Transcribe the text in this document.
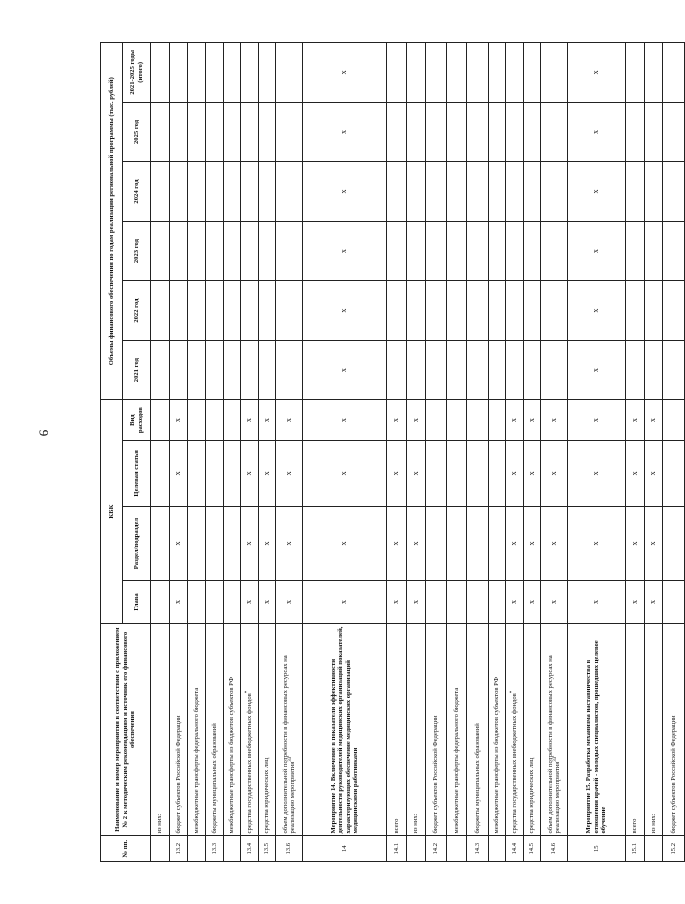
9
№ пп.	Наименование и номер мероприятия в соответствии с приложением № 2 к методическим рекомендациям и источник его финансового обеспечения	КБК				Объемы финансового обеспечения по годам реализации региональной программы (тыс. рублей)					
		Глава	Раздел/подраздел	Целевая статья	Вид расходов	2021 год	2022 год	2023 год	2024 год	2025 год	2021-2025 годы (итого)
	из них:										
13.2	бюджет субъектов Российской Федерации	x	x	x	x						
	межбюджетные трансферты федерального бюджета										
13.3	бюджеты муниципальных образований										
	межбюджетные трансферты из бюджетов субъектов РФ										
13.4	средства государственных внебюджетных фондов*	x	x	x	x						
13.5	средства юридических лиц	x	x	x	x						
13.6	объем дополнительной потребности в финансовых ресурсах на реализацию мероприятия$^{33}$	x	x	x	x						
14	Мероприятие 14. Включение в показатели эффективности деятельности руководителей медицинских организаций показателей, характеризующих обеспечение медицинских организаций медицинскими работниками	x	x	x	x	x	x	x	x	x	x
14.1	всего	x	x	x	x						
	из них:	x	x	x	x						
14.2	бюджет субъектов Российской Федерации										
	межбюджетные трансферты федерального бюджета										
14.3	бюджеты муниципальных образований										
	межбюджетные трансферты из бюджетов субъектов РФ										
14.4	средства государственных внебюджетных фондов*	x	x	x	x						
14.5	средства юридических лиц	x	x	x	x						
14.6	объем дополнительной потребности в финансовых ресурсах на реализацию мероприятия$^{33}$	x	x	x	x						
15	Мероприятие 15. Разработка механизма наставничества в отношении врачей - молодых специалистов, прошедших целевое обучение	x	x	x	x	x	x	x	x	x	x
15.1	всего	x	x	x	x						
	из них:	x	x	x	x						
15.2	бюджет субъектов Российской Федерации										
